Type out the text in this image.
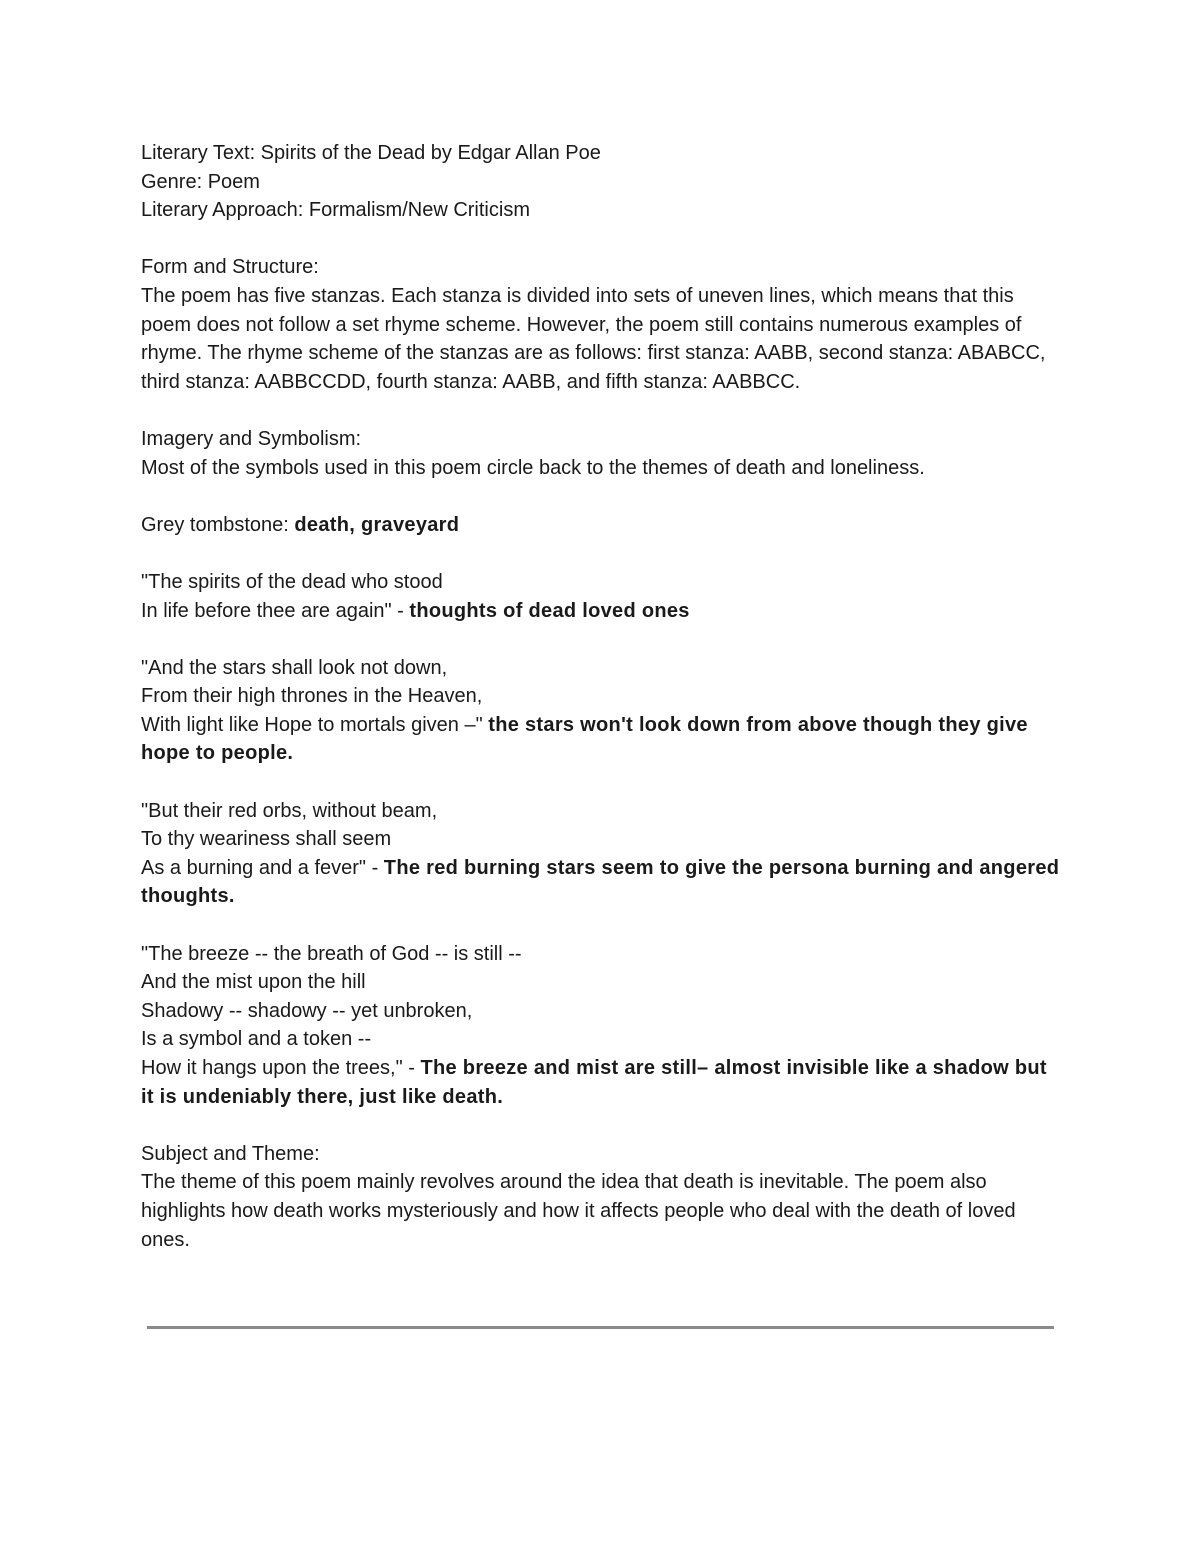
Literary Text: Spirits of the Dead by Edgar Allan Poe
Genre: Poem
Literary Approach: Formalism/New Criticism
Form and Structure:
The poem has five stanzas. Each stanza is divided into sets of uneven lines, which means that this poem does not follow a set rhyme scheme. However, the poem still contains numerous examples of rhyme. The rhyme scheme of the stanzas are as follows: first stanza: AABB, second stanza: ABABCC, third stanza: AABBCCDD, fourth stanza: AABB, and fifth stanza: AABBCC.
Imagery and Symbolism:
Most of the symbols used in this poem circle back to the themes of death and loneliness.
Grey tombstone: death, graveyard
"The spirits of the dead who stood
In life before thee are again" - thoughts of dead loved ones
"And the stars shall look not down,
From their high thrones in the Heaven,
With light like Hope to mortals given –" the stars won't look down from above though they give hope to people.
"But their red orbs, without beam,
To thy weariness shall seem
As a burning and a fever" - The red burning stars seem to give the persona burning and angered thoughts.
"The breeze -- the breath of God -- is still --
And the mist upon the hill
Shadowy -- shadowy -- yet unbroken,
Is a symbol and a token --
How it hangs upon the trees," - The breeze and mist are still– almost invisible like a shadow but it is undeniably there, just like death.
Subject and Theme:
The theme of this poem mainly revolves around the idea that death is inevitable. The poem also highlights how death works mysteriously and how it affects people who deal with the death of loved ones.
